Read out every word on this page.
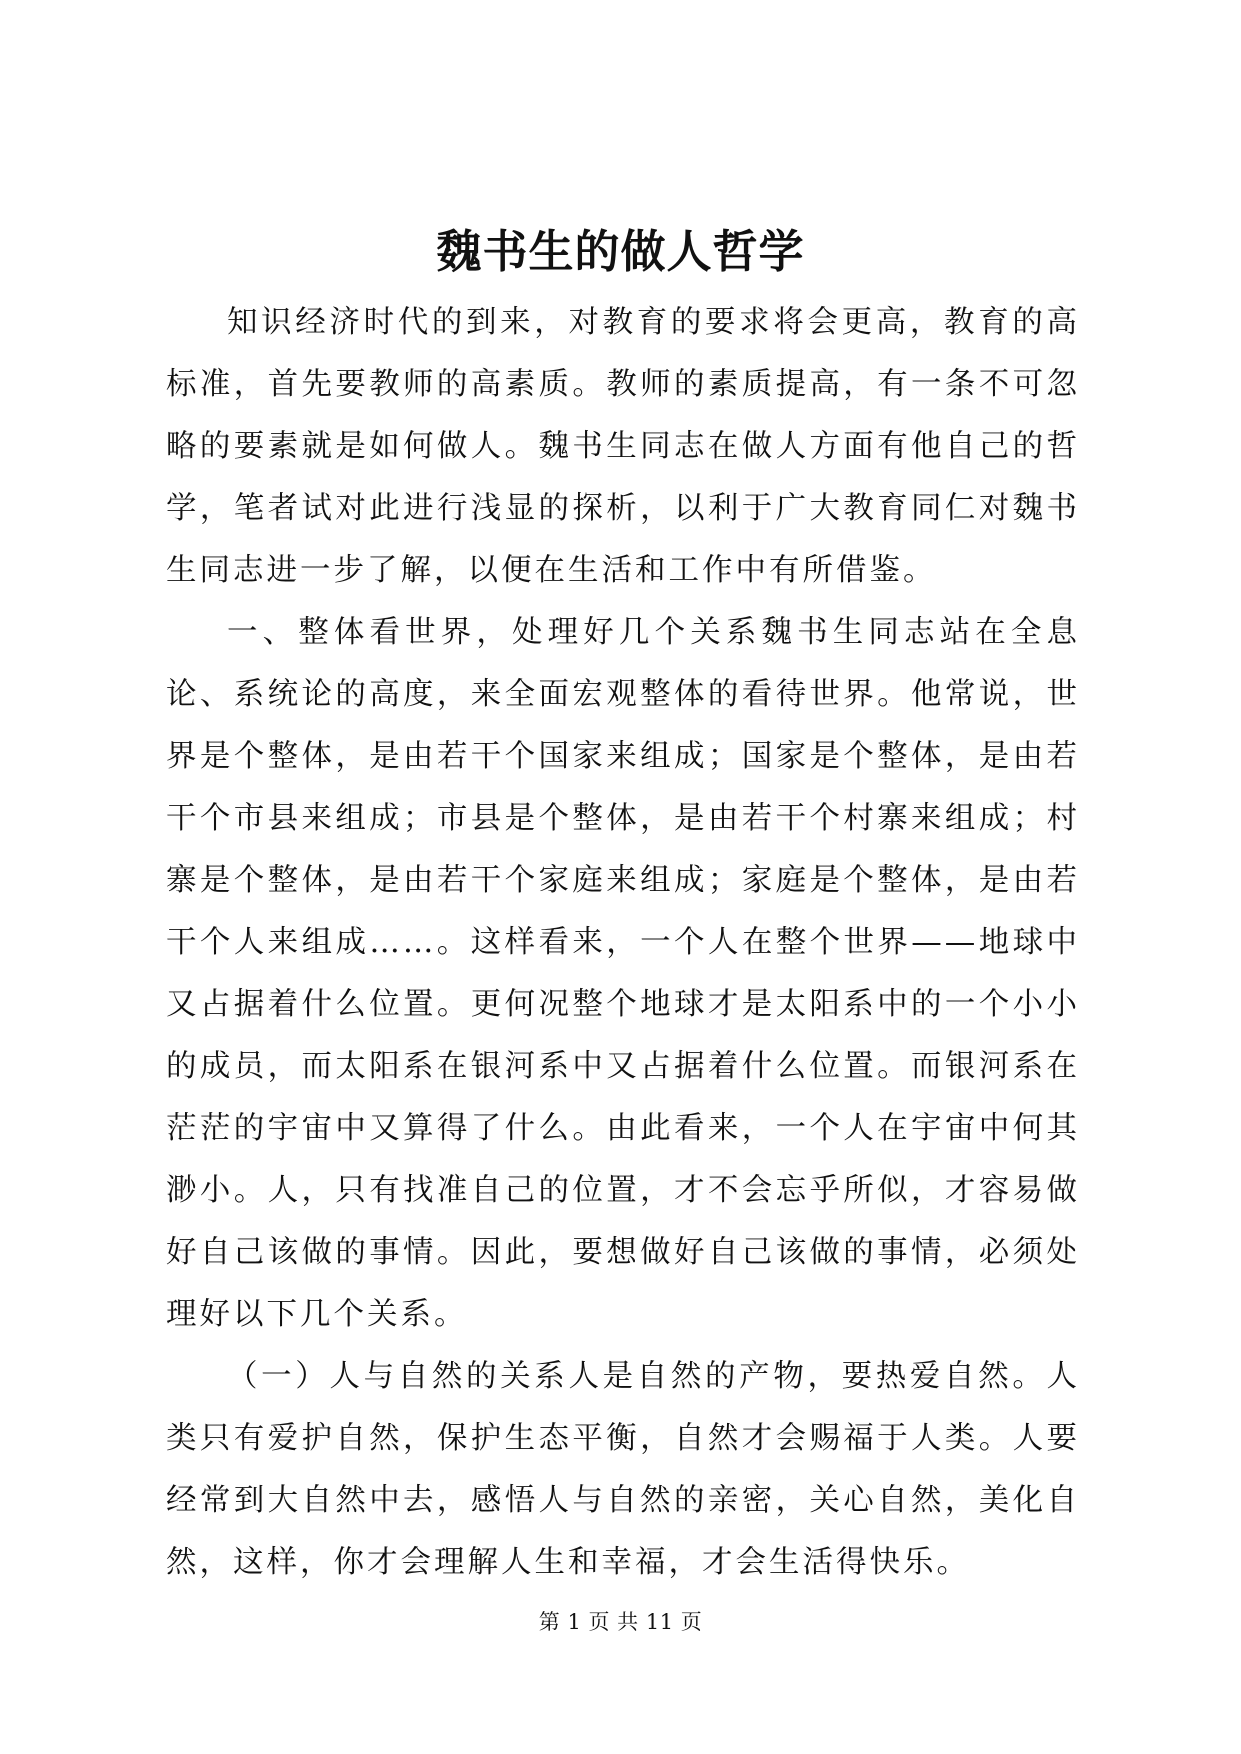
魏书生的做人哲学

知识经济时代的到来，对教育的要求将会更高，教育的高标准，首先要教师的高素质。教师的素质提高，有一条不可忽略的要素就是如何做人。魏书生同志在做人方面有他自己的哲学，笔者试对此进行浅显的探析，以利于广大教育同仁对魏书生同志进一步了解，以便在生活和工作中有所借鉴。

一、整体看世界，处理好几个关系魏书生同志站在全息论、系统论的高度，来全面宏观整体的看待世界。他常说，世界是个整体，是由若干个国家来组成；国家是个整体，是由若干个市县来组成；市县是个整体，是由若干个村寨来组成；村寨是个整体，是由若干个家庭来组成；家庭是个整体，是由若干个人来组成……。这样看来，一个人在整个世界——地球中又占据着什么位置。更何况整个地球才是太阳系中的一个小小的成员，而太阳系在银河系中又占据着什么位置。而银河系在茫茫的宇宙中又算得了什么。由此看来，一个人在宇宙中何其渺小。人，只有找准自己的位置，才不会忘乎所似，才容易做好自己该做的事情。因此，要想做好自己该做的事情，必须处理好以下几个关系。

（一）人与自然的关系人是自然的产物，要热爱自然。人类只有爱护自然，保护生态平衡，自然才会赐福于人类。人要经常到大自然中去，感悟人与自然的亲密，关心自然，美化自然，这样，你才会理解人生和幸福，才会生活得快乐。

第 1 页 共 11 页
